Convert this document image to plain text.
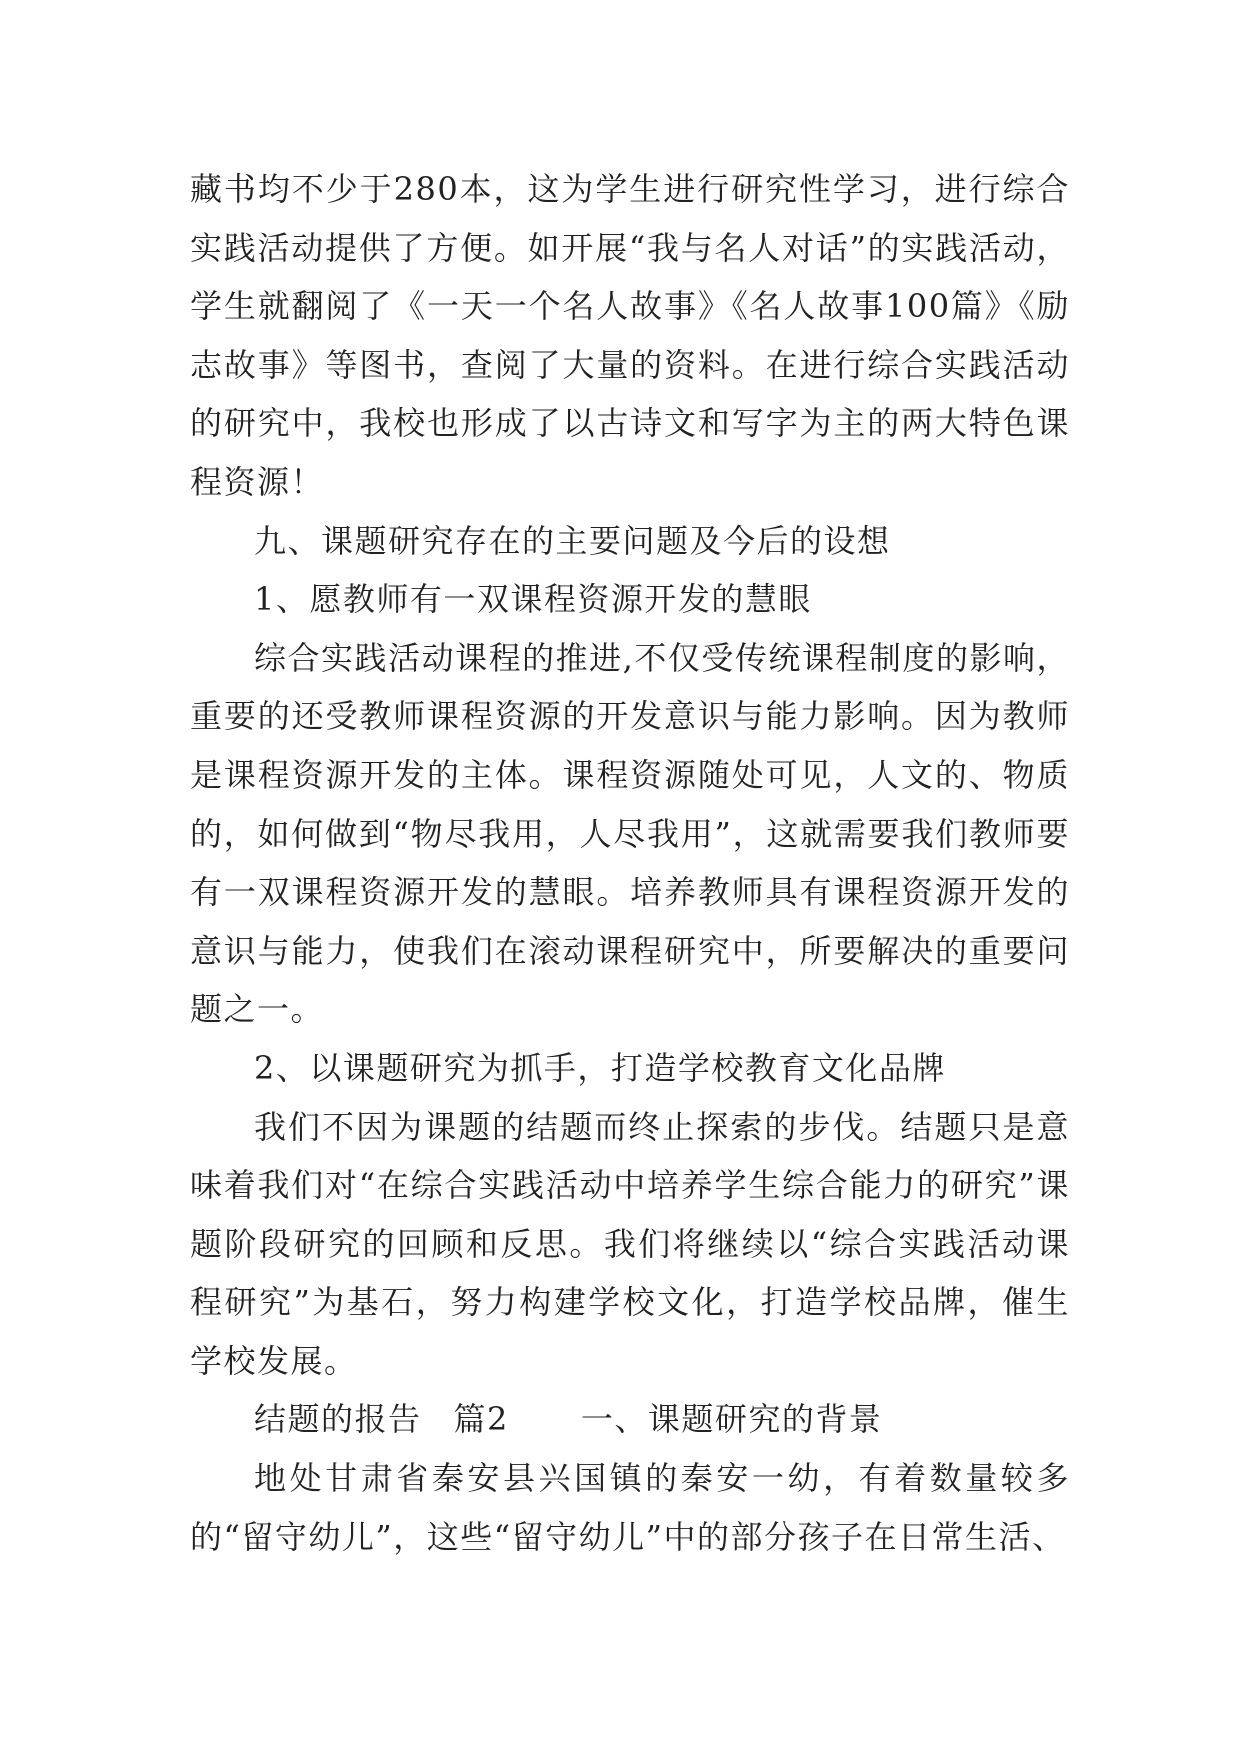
藏书均不少于280本，这为学生进行研究性学习，进行综合实践活动提供了方便。如开展“我与名人对话”的实践活动，学生就翻阅了《一天一个名人故事》《名人故事100篇》《励志故事》等图书，查阅了大量的资料。在进行综合实践活动的研究中，我校也形成了以古诗文和写字为主的两大特色课程资源！

九、课题研究存在的主要问题及今后的设想

1、愿教师有一双课程资源开发的慧眼

综合实践活动课程的推进,不仅受传统课程制度的影响，重要的还受教师课程资源的开发意识与能力影响。因为教师是课程资源开发的主体。课程资源随处可见，人文的、物质的，如何做到“物尽我用，人尽我用”，这就需要我们教师要有一双课程资源开发的慧眼。培养教师具有课程资源开发的意识与能力，使我们在滚动课程研究中，所要解决的重要问题之一。

2、以课题研究为抓手，打造学校教育文化品牌

我们不因为课题的结题而终止探索的步伐。结题只是意味着我们对“在综合实践活动中培养学生综合能力的研究”课题阶段研究的回顾和反思。我们将继续以“综合实践活动课程研究”为基石，努力构建学校文化，打造学校品牌，催生学校发展。

结题的报告 篇2 一、课题研究的背景

地处甘肃省秦安县兴国镇的秦安一幼，有着数量较多的“留守幼儿”，这些“留守幼儿”中的部分孩子在日常生活、
